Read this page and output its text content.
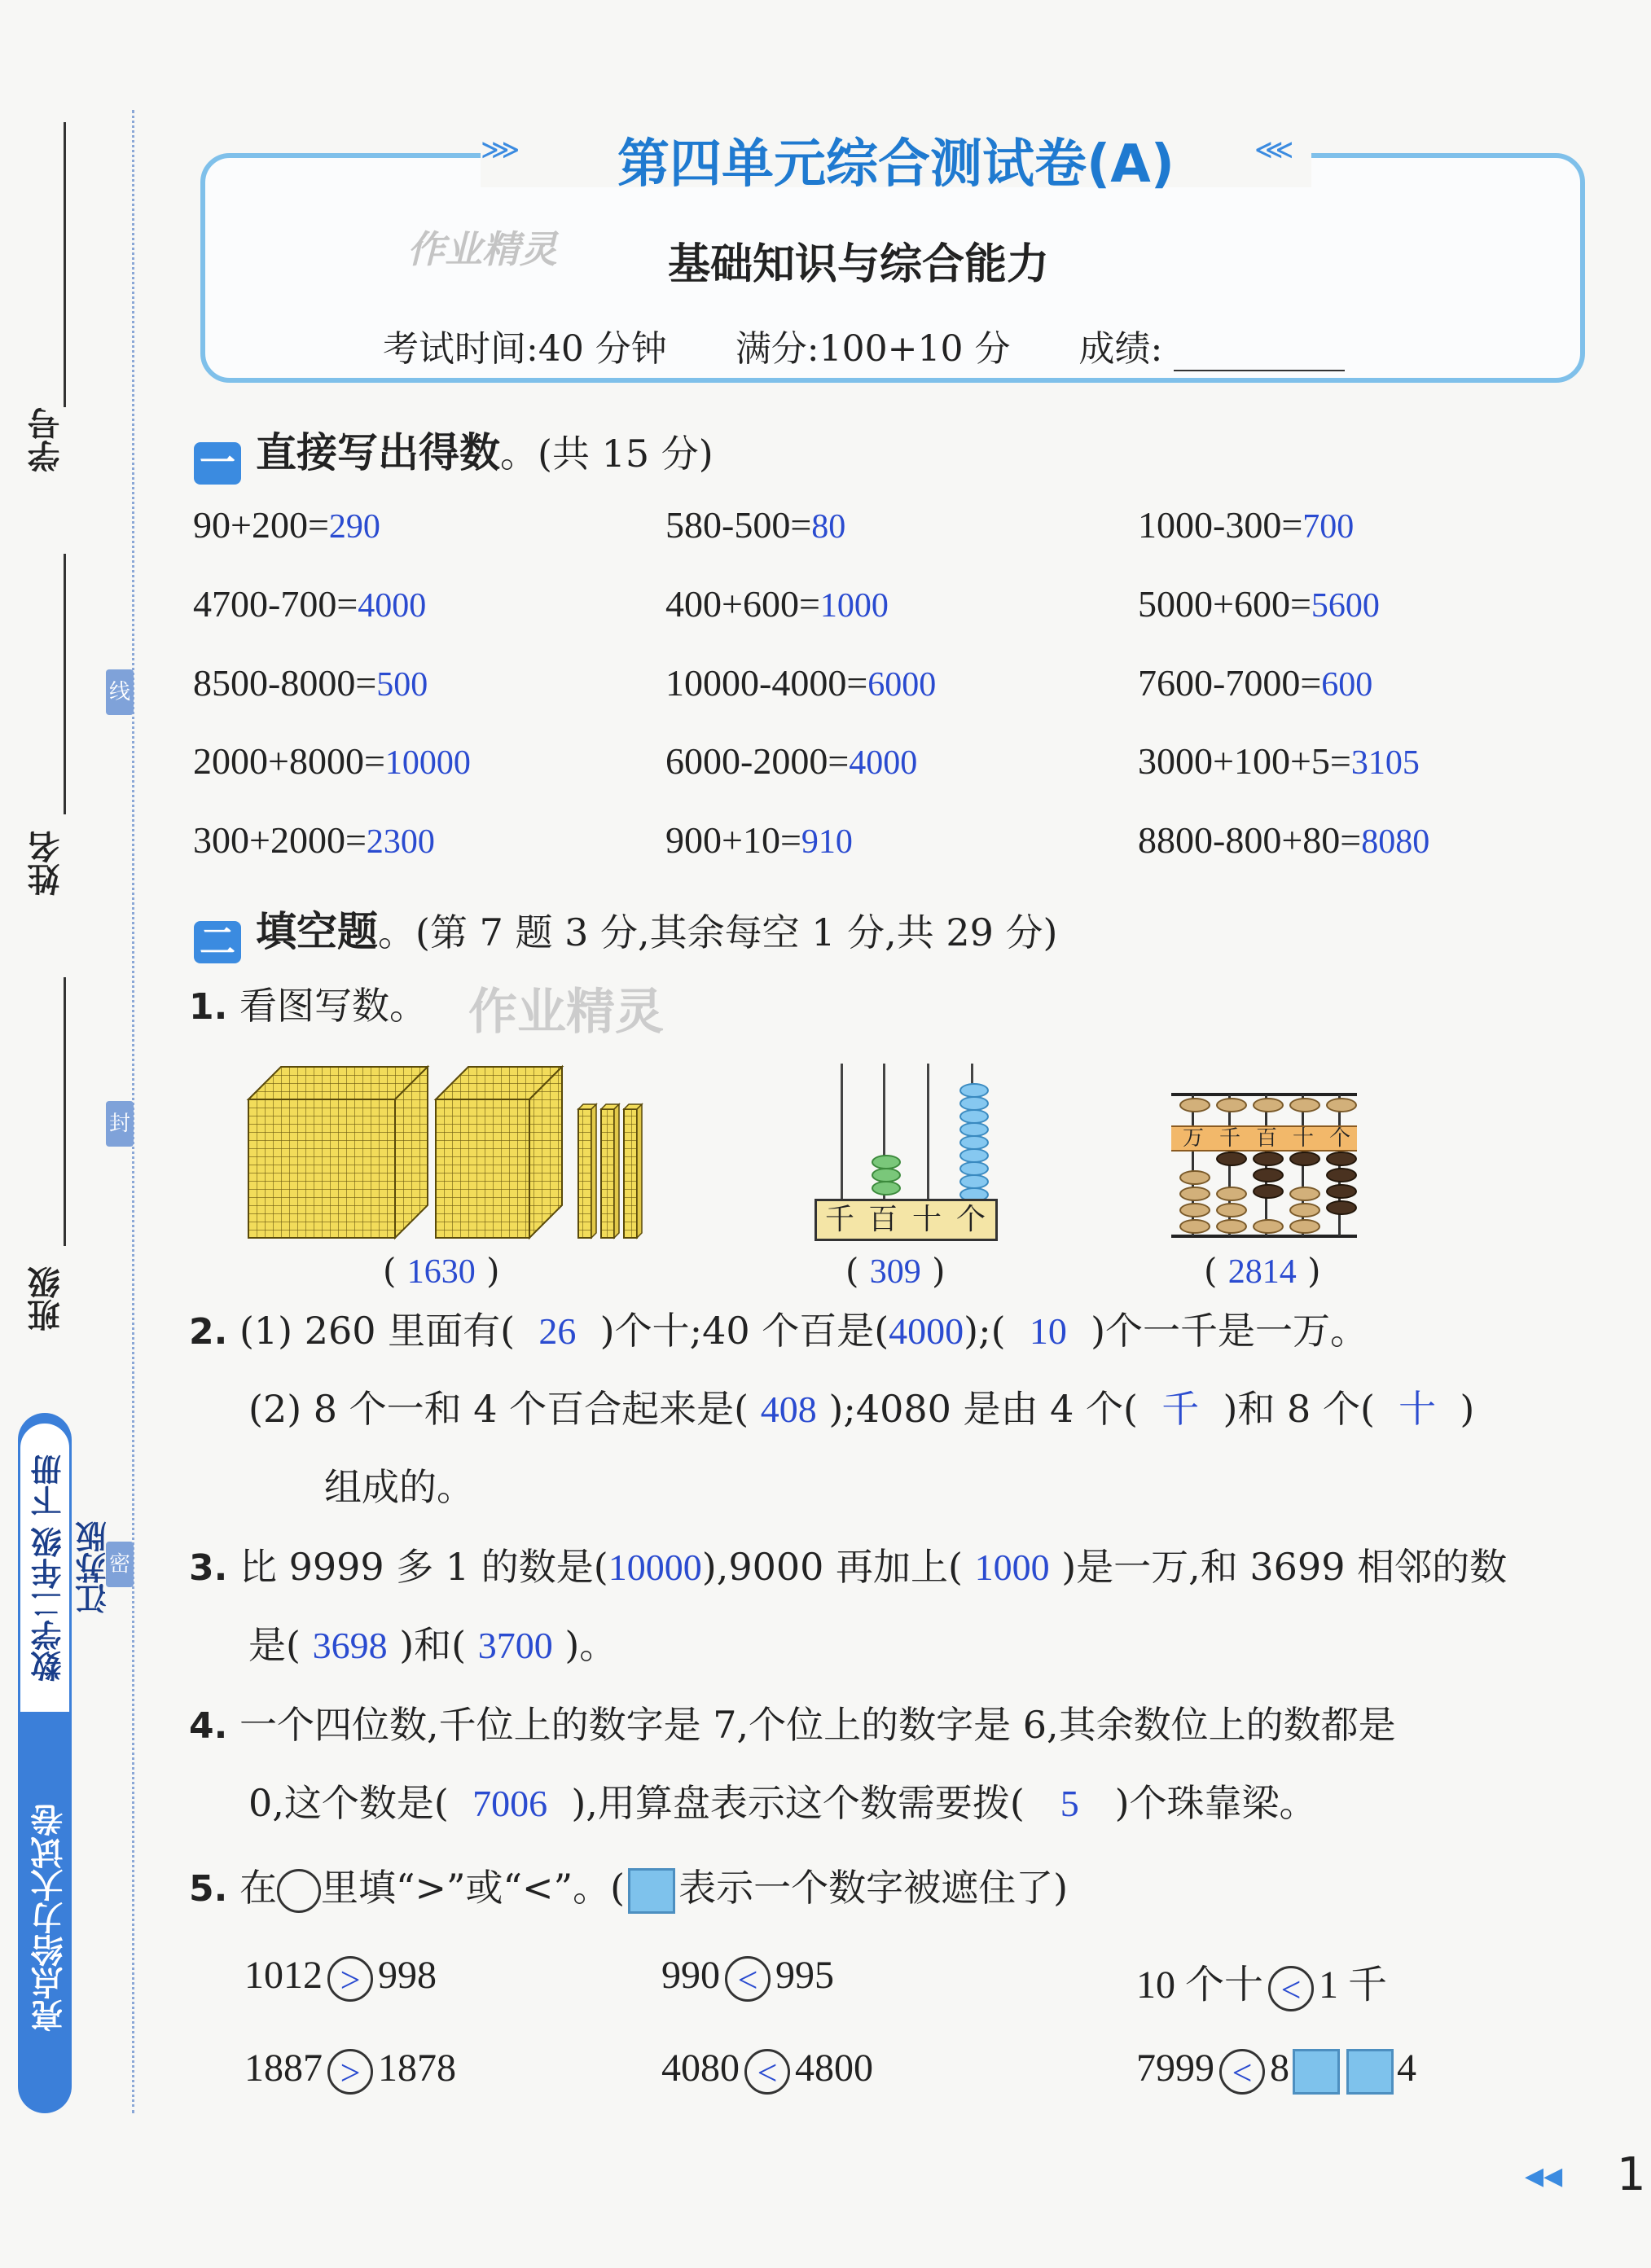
学号
姓名
班级
线
封
密
数学二年级 下册 江苏版
亮点给力大试卷
⋙	⋘
第四单元综合测试卷(A)
作业精灵	基础知识与综合能力
考试时间:40 分钟 满分:100+10 分 成绩:
一 直接写出得数。(共 15 分)
90+200=290	580-500=80	1000-300=700
4700-700=4000	400+600=1000	5000+600=5600
8500-8000=500	10000-4000=6000	7600-7000=600
2000+8000=10000	6000-2000=4000	3000+100+5=3105
300+2000=2300	900+10=910	8800-800+80=8080
二 填空题。(第 7 题 3 分,其余每空 1 分,共 29 分)
1. 看图写数。 作业精灵
( 1630 )
千 百 十 个
( 309 )
万 千 百 十 个
( 2814 )
2. (1) 260 里面有( 26 )个十;40 个百是(4000);( 10 )个一千是一万。
(2) 8 个一和 4 个百合起来是( 408 );4080 是由 4 个( 千 )和 8 个( 十 )
组成的。
3. 比 9999 多 1 的数是(10000),9000 再加上( 1000 )是一万,和 3699 相邻的数
是( 3698 )和( 3700 )。
4. 一个四位数,千位上的数字是 7,个位上的数字是 6,其余数位上的数都是
0,这个数是( 7006 ),用算盘表示这个数需要拨( 5 )个珠靠梁。
5. 在 里填“>”或“<”。( 表示一个数字被遮住了)
1012 > 998	990 < 995	10 个十 < 1 千
1887 > 1878	4080 < 4800	7999 < 8	4
◀◀ 1
